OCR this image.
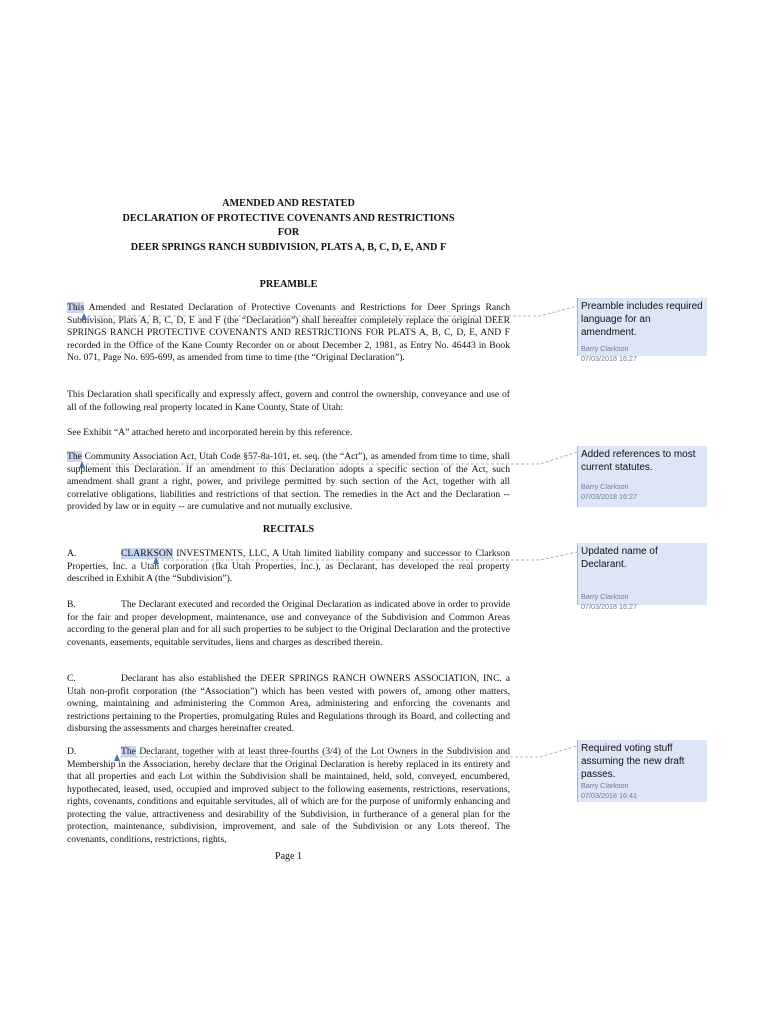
AMENDED AND RESTATED
DECLARATION OF PROTECTIVE COVENANTS AND RESTRICTIONS
FOR
DEER SPRINGS RANCH SUBDIVISION, PLATS A, B, C, D, E, AND F
PREAMBLE
This Amended and Restated Declaration of Protective Covenants and Restrictions for Deer Springs Ranch Subdivision, Plats A, B, C, D, E and F (the “Declaration”) shall hereafter completely replace the original DEER SPRINGS RANCH PROTECTIVE COVENANTS AND RESTRICTIONS FOR PLATS A, B, C, D, E, AND F recorded in the Office of the Kane County Recorder on or about December 2, 1981, as Entry No. 46443 in Book No. 071, Page No. 695-699, as amended from time to time (the “Original Declaration”).
This Declaration shall specifically and expressly affect, govern and control the ownership, conveyance and use of all of the following real property located in Kane County, State of Utah:
See Exhibit “A” attached hereto and incorporated herein by this reference.
The Community Association Act, Utah Code §57-8a-101, et. seq. (the “Act”), as amended from time to time, shall supplement this Declaration. If an amendment to this Declaration adopts a specific section of the Act, such amendment shall grant a right, power, and privilege permitted by such section of the Act, together with all correlative obligations, liabilities and restrictions of that section. The remedies in the Act and the Declaration -- provided by law or in equity -- are cumulative and not mutually exclusive.
RECITALS
A.	CLARKSON INVESTMENTS, LLC, A Utah limited liability company and successor to Clarkson Properties, Inc. a Utah corporation (fka Utah Properties, Inc.), as Declarant, has developed the real property described in Exhibit A (the “Subdivision”).
B.	The Declarant executed and recorded the Original Declaration as indicated above in order to provide for the fair and proper development, maintenance, use and conveyance of the Subdivision and Common Areas according to the general plan and for all such properties to be subject to the Original Declaration and the protective covenants, easements, equitable servitudes, liens and charges as described therein.
C.	Declarant has also established the DEER SPRINGS RANCH OWNERS ASSOCIATION, INC. a Utah non-profit corporation (the “Association”) which has been vested with powers of, among other matters, owning, maintaining and administering the Common Area, administering and enforcing the covenants and restrictions pertaining to the Properties, promulgating Rules and Regulations through its Board, and collecting and disbursing the assessments and charges hereinafter created.
D.	The Declarant, together with at least three-fourths (3/4) of the Lot Owners in the Subdivision and Membership in the Association, hereby declare that the Original Declaration is hereby replaced in its entirety and that all properties and each Lot within the Subdivision shall be maintained, held, sold, conveyed, encumbered, hypothecated, leased, used, occupied and improved subject to the following easements, restrictions, reservations, rights, covenants, conditions and equitable servitudes, all of which are for the purpose of uniformly enhancing and protecting the value, attractiveness and desirability of the Subdivision, in furtherance of a general plan for the protection, maintenance, subdivision, improvement, and sale of the Subdivision or any Lots thereof. The covenants, conditions, restrictions, rights,
Page 1
Preamble includes required language for an amendment.
Barry Clarkson
07/03/2018 16:27
Added references to most current statutes.
Barry Clarkson
07/03/2018 16:27
Updated name of Declarant.
Barry Clarkson
07/03/2018 16:27
Required voting stuff assuming the new draft passes.
Barry Clarkson
07/03/2018 16:41
